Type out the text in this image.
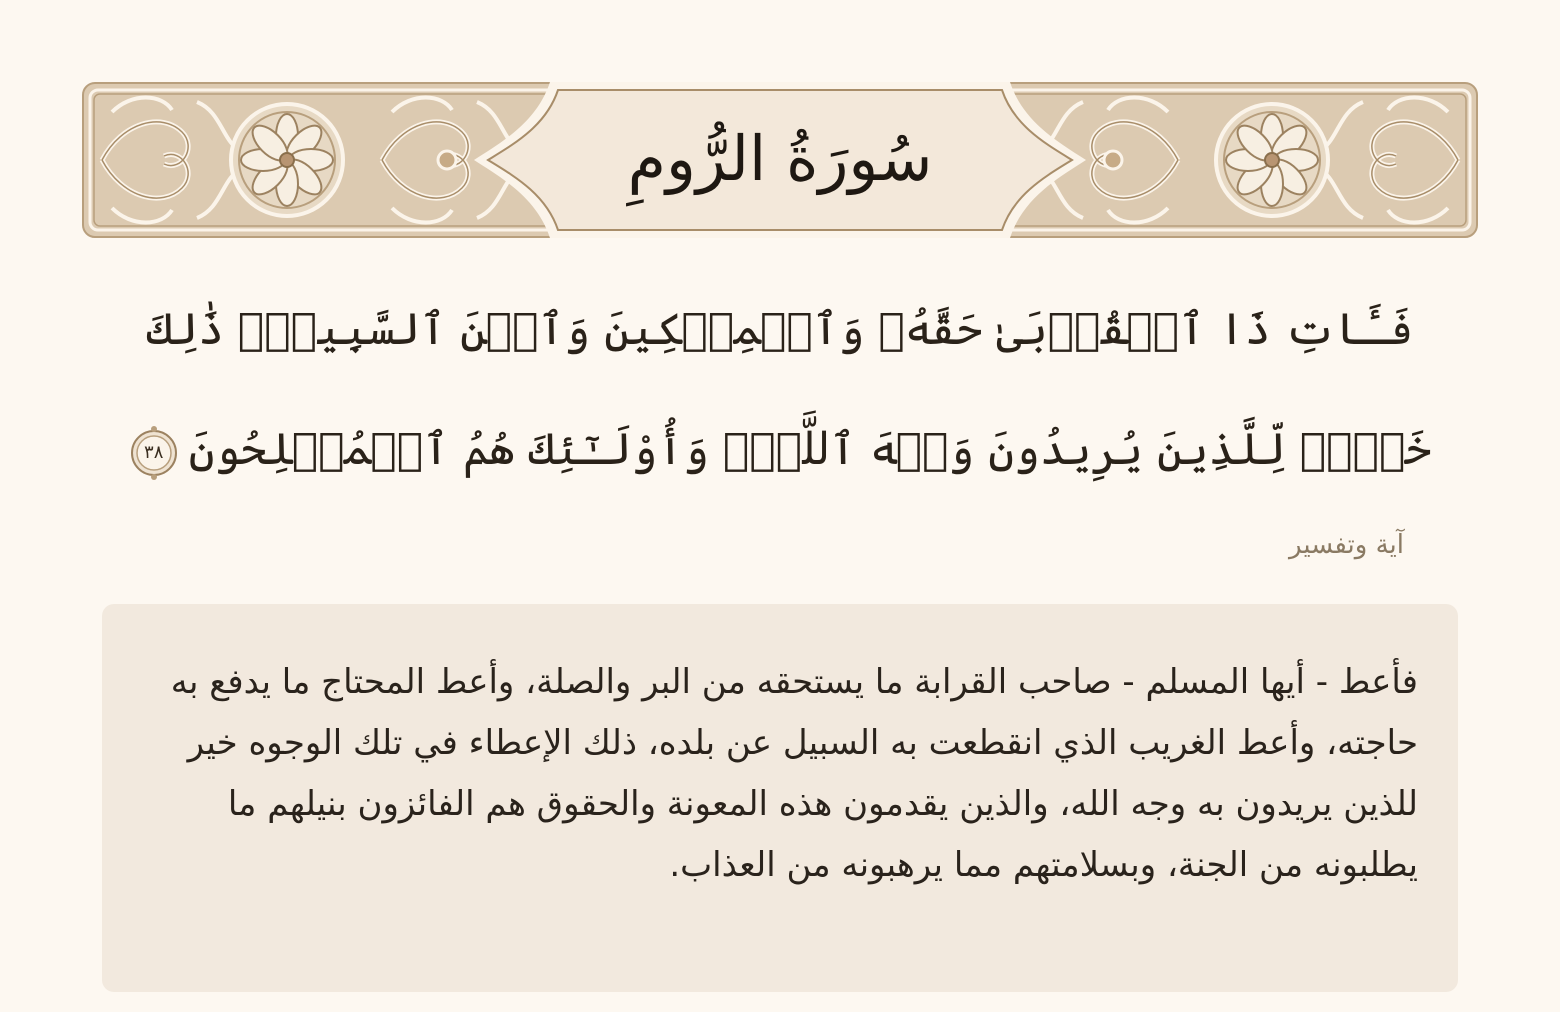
سُورَةُ الرُّومِ
فَـَٔاتِ ذَا ٱلۡقُرۡبَىٰ حَقَّهُۥ وَٱلۡمِسۡكِينَ وَٱبۡنَ ٱلسَّبِيلِۚ ذَٰلِكَ خَيۡرٞ لِّلَّذِينَ يُرِيدُونَ وَجۡهَ ٱللَّهِۖ وَأُوْلَـٰٓئِكَ هُمُ ٱلۡمُفۡلِحُونَ
٣٨
آية وتفسير
فأعط - أيها المسلم - صاحب القرابة ما يستحقه من البر والصلة، وأعط المحتاج ما يدفع به حاجته، وأعط الغريب الذي انقطعت به السبيل عن بلده، ذلك الإعطاء في تلك الوجوه خير للذين يريدون به وجه الله، والذين يقدمون هذه المعونة والحقوق هم الفائزون بنيلهم ما يطلبونه من الجنة، وبسلامتهم مما يرهبونه من العذاب.
